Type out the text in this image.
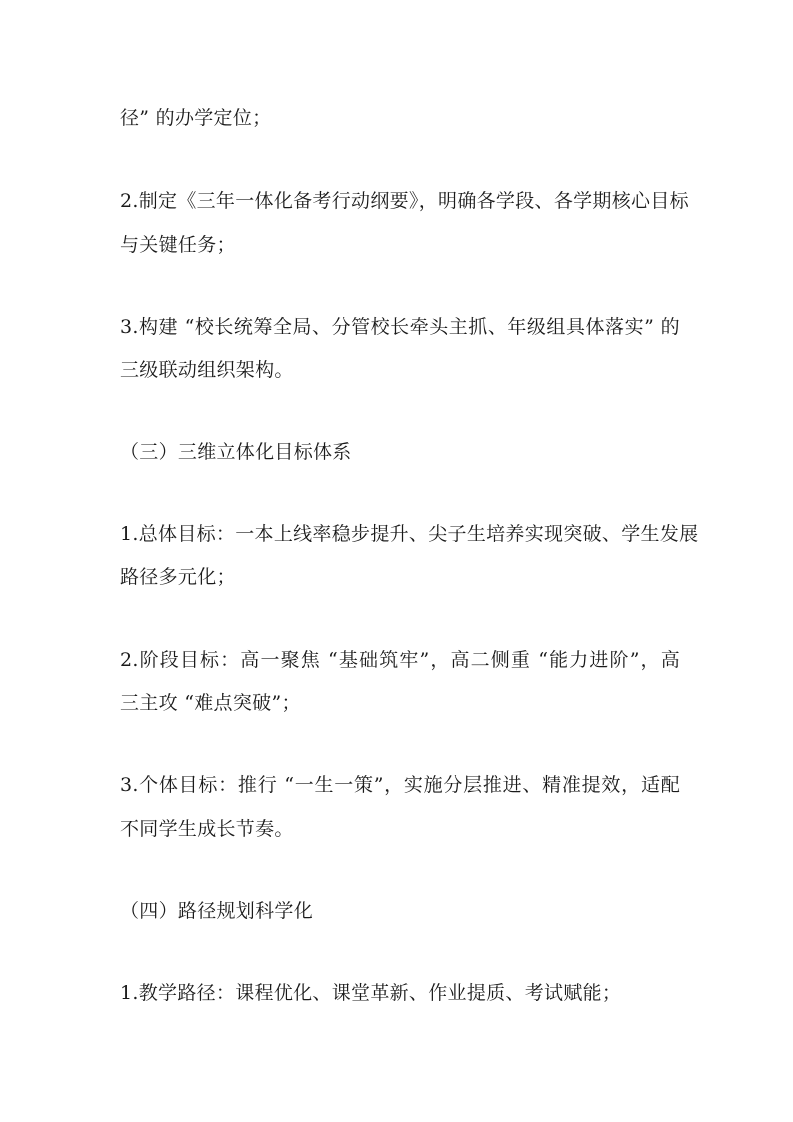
径” 的办学定位；
2.制定《三年一体化备考行动纲要》，明确各学段、各学期核心目标
与关键任务；
3.构建 “校长统筹全局、分管校长牵头主抓、年级组具体落实” 的
三级联动组织架构。
（三）三维立体化目标体系
1.总体目标：一本上线率稳步提升、尖子生培养实现突破、学生发展
路径多元化；
2.阶段目标：高一聚焦 “基础筑牢”，高二侧重 “能力进阶”，高
三主攻 “难点突破”；
3.个体目标：推行 “一生一策”，实施分层推进、精准提效，适配
不同学生成长节奏。
（四）路径规划科学化
1.教学路径：课程优化、课堂革新、作业提质、考试赋能；
